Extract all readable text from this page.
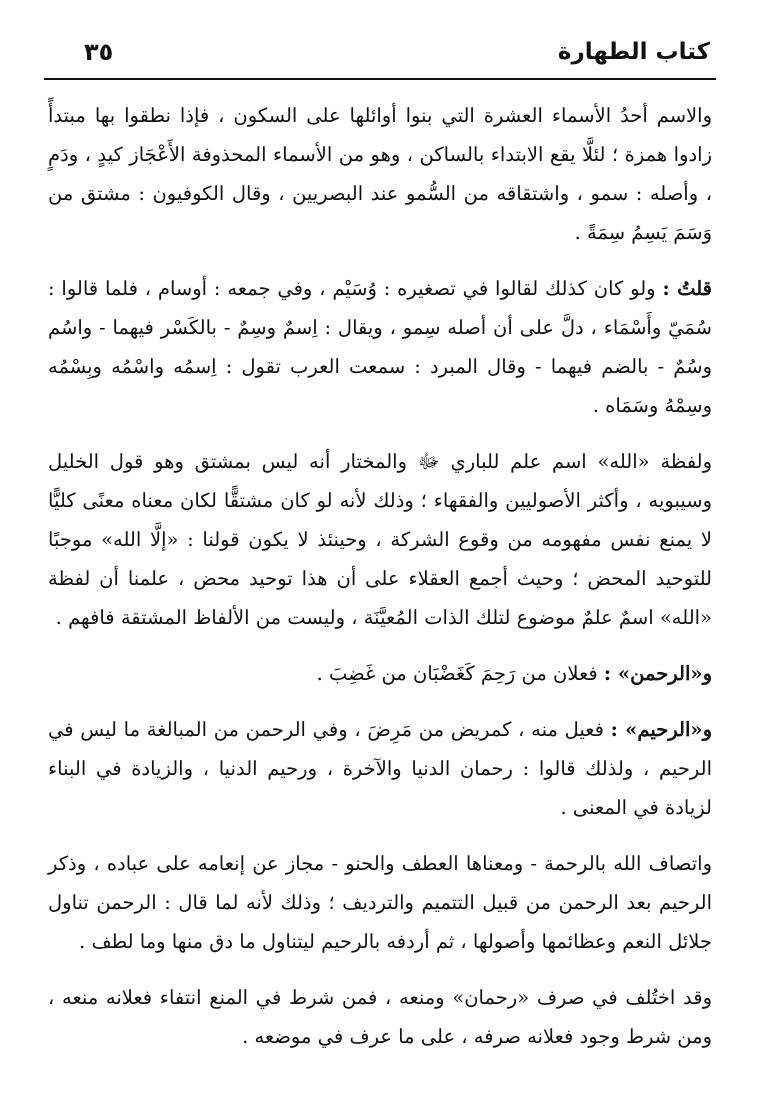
كتاب الطهارة
٣٥

والاسم أحدُ الأسماء العشرة التي بنوا أوائلها على السكون ، فإذا نطقوا بها مبتدأً زادوا همزة ؛ لئلَّا يقع الابتداء بالساكن ، وهو من الأسماء المحذوفة الأَعْجَاز كيدٍ ، ودَمٍ ، وأصله : سمو ، واشتقاقه من السُّمو عند البصريين ، وقال الكوفيون : مشتق من وَسَمَ يَسِمُ سِمَةً .

قلتُ : ولو كان كذلك لقالوا في تصغيره : وُسَيْم ، وفي جمعه : أوسام ، فلما قالوا : سُمَيّ وأَسْمَاء ، دلَّ على أن أصله سِمو ، ويقال : اِسمٌ وسِمٌ - بالكَسْر فيهما - واسُم وسُمٌ - بالضم فيهما - وقال المبرد : سمعت العرب تقول : اِسمُه واسْمُه وبِسْمُه وسِمْهُ وسَمَاه .

ولفظة «الله» اسم علم للباري ﷻ والمختار أنه ليس بمشتق وهو قول الخليل وسيبويه ، وأكثر الأصوليين والفقهاء ؛ وذلك لأنه لو كان مشتقًّا لكان معناه معنًى كليًّا لا يمنع نفس مفهومه من وقوع الشركة ، وحينئذ لا يكون قولنا : «إلَّا الله» موجبًا للتوحيد المحض ؛ وحيث أجمع العقلاء على أن هذا توحيد محض ، علمنا أن لفظة «الله» اسمٌ علمٌ موضوع لتلك الذات المُعيَّنَة ، وليست من الألفاظ المشتقة فافهم .

و«الرحمن» : فعلان من رَحِمَ كَغَضْبَان من غَضِبَ .

و«الرحيم» : فعيل منه ، كمريض من مَرِضَ ، وفي الرحمن من المبالغة ما ليس في الرحيم ، ولذلك قالوا : رحمان الدنيا والآخرة ، ورحيم الدنيا ، والزيادة في البناء لزيادة في المعنى .

واتصاف الله بالرحمة - ومعناها العطف والحنو - مجاز عن إنعامه على عباده ، وذكر الرحيم بعد الرحمن من قبيل التتميم والترديف ؛ وذلك لأنه لما قال : الرحمن تناول جلائل النعم وعظائمها وأصولها ، ثم أردفه بالرحيم ليتناول ما دق منها وما لطف .

وقد اختُلف في صرف «رحمان» ومنعه ، فمن شرط في المنع انتفاء فعلانه منعه ، ومن شرط وجود فعلانه صرفه ، على ما عرف في موضعه .
